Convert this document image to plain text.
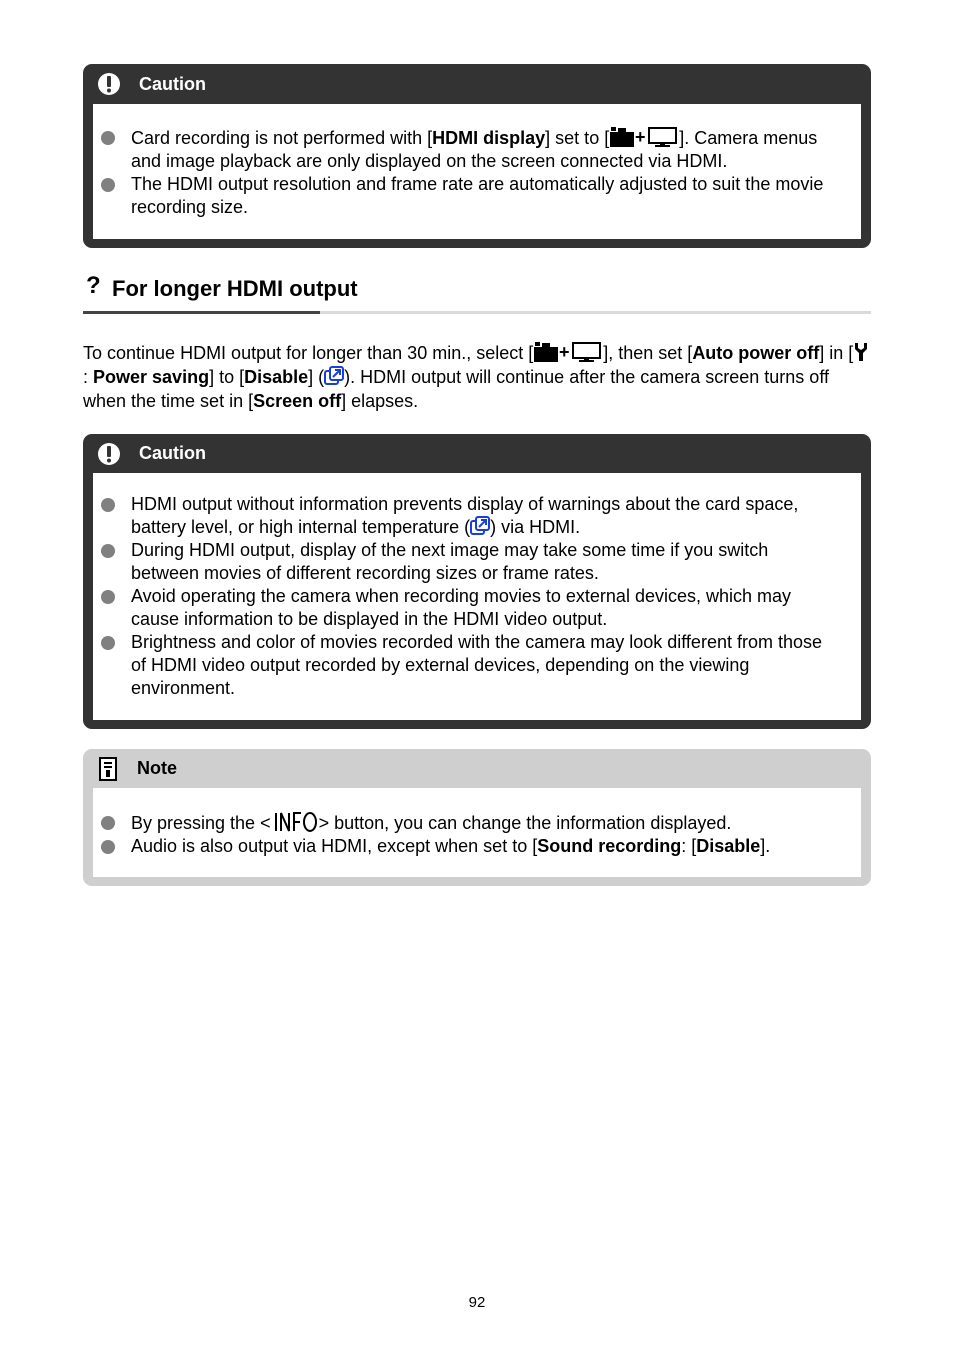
Caution
Card recording is not performed with [HDMI display] set to [ + ]. Camera menus and image playback are only displayed on the screen connected via HDMI.
The HDMI output resolution and frame rate are automatically adjusted to suit the movie recording size.
? For longer HDMI output
To continue HDMI output for longer than 30 min., select [ + ], then set [Auto power off] in [: Power saving] to [Disable] ( ). HDMI output will continue after the camera screen turns off when the time set in [Screen off] elapses.
Caution
HDMI output without information prevents display of warnings about the card space, battery level, or high internal temperature ( ) via HDMI.
During HDMI output, display of the next image may take some time if you switch between movies of different recording sizes or frame rates.
Avoid operating the camera when recording movies to external devices, which may cause information to be displayed in the HDMI video output.
Brightness and color of movies recorded with the camera may look different from those of HDMI video output recorded by external devices, depending on the viewing environment.
Note
By pressing the <	> button, you can change the information displayed.
Audio is also output via HDMI, except when set to [Sound recording: [Disable].
92
